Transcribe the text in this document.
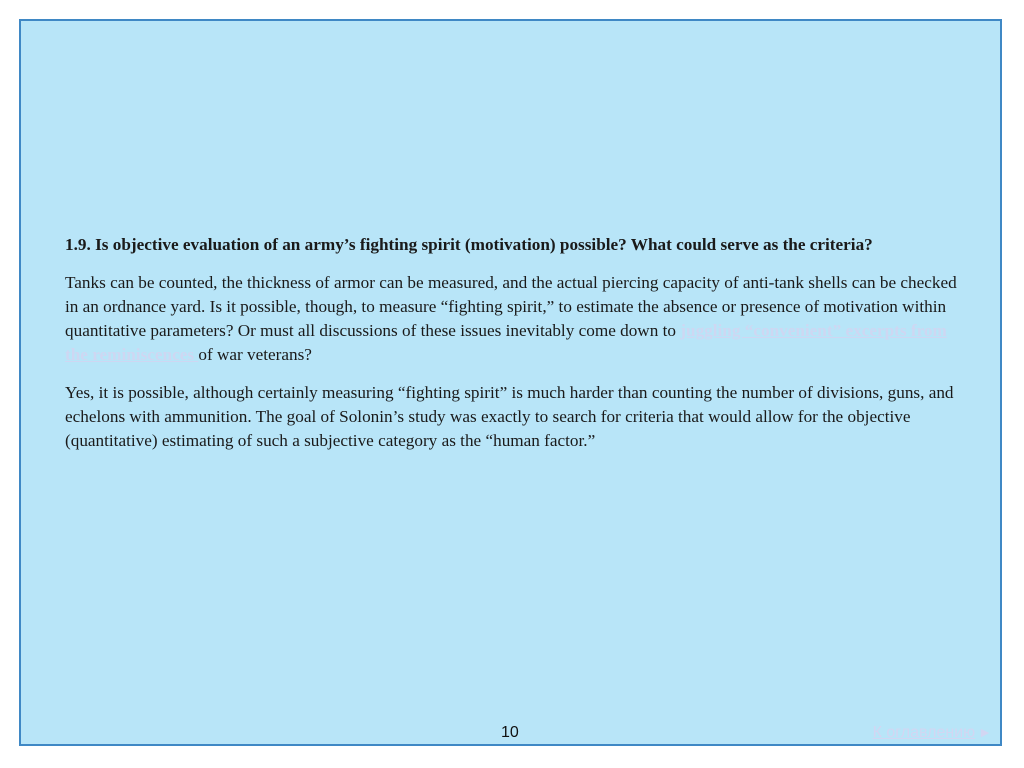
1.9. Is objective evaluation of an army’s fighting spirit (motivation) possible? What could serve as the criteria?

Tanks can be counted, the thickness of armor can be measured, and the actual piercing capacity of anti-tank shells can be checked in an ordnance yard. Is it possible, though, to measure “fighting spirit,” to estimate the absence or presence of motivation within quantitative parameters? Or must all discussions of these issues inevitably come down to juggling “convenient” excerpts from the reminiscences of war veterans?

Yes, it is possible, although certainly measuring “fighting spirit” is much harder than counting the number of divisions, guns, and echelons with ammunition. The goal of Solonin’s study was exactly to search for criteria that would allow for the objective (quantitative) estimating of such a subjective category as the “human factor.”

10	К оглавлению ►
